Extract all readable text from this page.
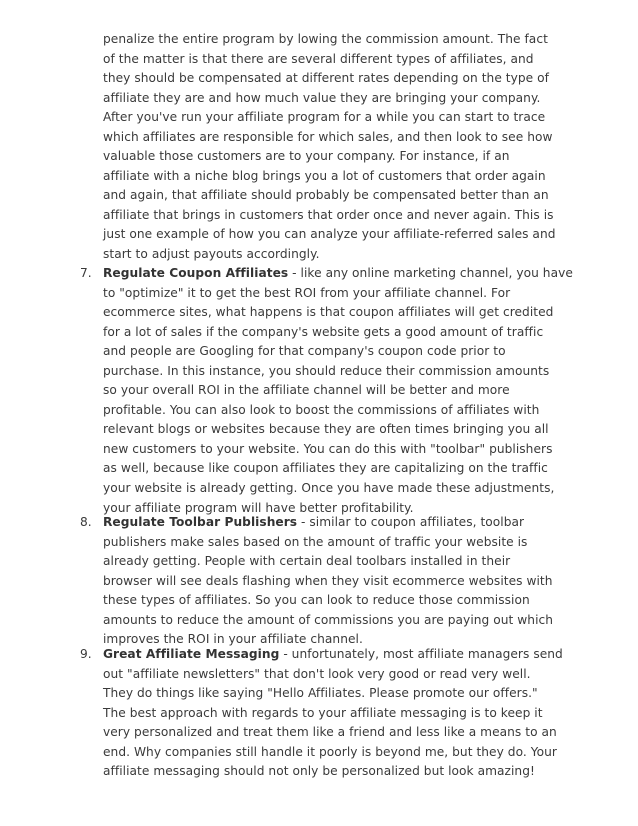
penalize the entire program by lowing the commission amount. The fact
of the matter is that there are several different types of affiliates, and
they should be compensated at different rates depending on the type of
affiliate they are and how much value they are bringing your company.
After you've run your affiliate program for a while you can start to trace
which affiliates are responsible for which sales, and then look to see how
valuable those customers are to your company. For instance, if an
affiliate with a niche blog brings you a lot of customers that order again
and again, that affiliate should probably be compensated better than an
affiliate that brings in customers that order once and never again. This is
just one example of how you can analyze your affiliate-referred sales and
start to adjust payouts accordingly.
7. Regulate Coupon Affiliates - like any online marketing channel, you have
to "optimize" it to get the best ROI from your affiliate channel. For
ecommerce sites, what happens is that coupon affiliates will get credited
for a lot of sales if the company's website gets a good amount of traffic
and people are Googling for that company's coupon code prior to
purchase. In this instance, you should reduce their commission amounts
so your overall ROI in the affiliate channel will be better and more
profitable. You can also look to boost the commissions of affiliates with
relevant blogs or websites because they are often times bringing you all
new customers to your website. You can do this with "toolbar" publishers
as well, because like coupon affiliates they are capitalizing on the traffic
your website is already getting. Once you have made these adjustments,
your affiliate program will have better profitability.
8. Regulate Toolbar Publishers - similar to coupon affiliates, toolbar
publishers make sales based on the amount of traffic your website is
already getting. People with certain deal toolbars installed in their
browser will see deals flashing when they visit ecommerce websites with
these types of affiliates. So you can look to reduce those commission
amounts to reduce the amount of commissions you are paying out which
improves the ROI in your affiliate channel.
9. Great Affiliate Messaging - unfortunately, most affiliate managers send
out "affiliate newsletters" that don't look very good or read very well.
They do things like saying "Hello Affiliates. Please promote our offers."
The best approach with regards to your affiliate messaging is to keep it
very personalized and treat them like a friend and less like a means to an
end. Why companies still handle it poorly is beyond me, but they do. Your
affiliate messaging should not only be personalized but look amazing!
